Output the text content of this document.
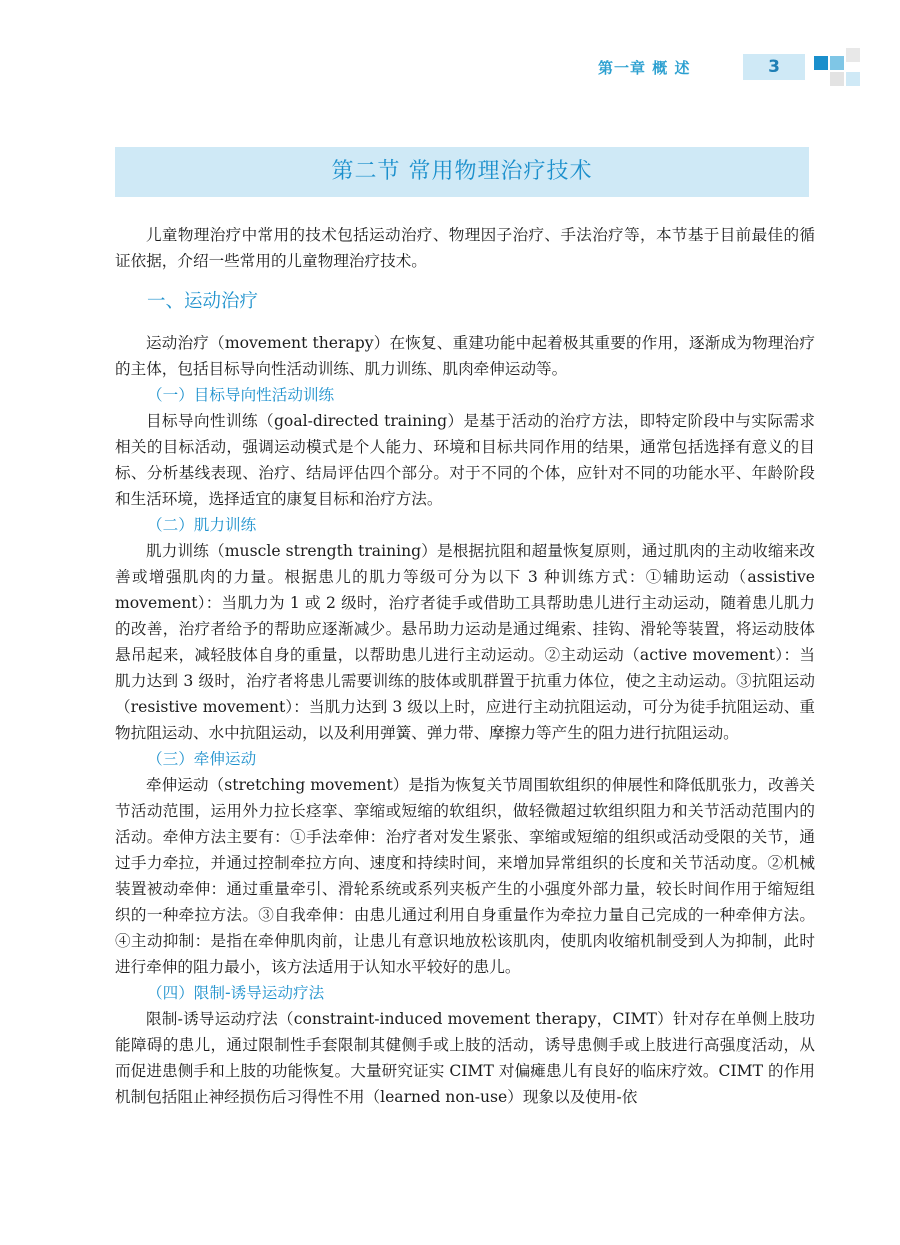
第一章 概 述	3
第二节 常用物理治疗技术

儿童物理治疗中常用的技术包括运动治疗、物理因子治疗、手法治疗等，本节基于目前最佳的循证依据，介绍一些常用的儿童物理治疗技术。

一、运动治疗

运动治疗（movement therapy）在恢复、重建功能中起着极其重要的作用，逐渐成为物理治疗的主体，包括目标导向性活动训练、肌力训练、肌肉牵伸运动等。

（一）目标导向性活动训练

目标导向性训练（goal-directed training）是基于活动的治疗方法，即特定阶段中与实际需求相关的目标活动，强调运动模式是个人能力、环境和目标共同作用的结果，通常包括选择有意义的目标、分析基线表现、治疗、结局评估四个部分。对于不同的个体，应针对不同的功能水平、年龄阶段和生活环境，选择适宜的康复目标和治疗方法。

（二）肌力训练

肌力训练（muscle strength training）是根据抗阻和超量恢复原则，通过肌肉的主动收缩来改善或增强肌肉的力量。根据患儿的肌力等级可分为以下 3 种训练方式：①辅助运动（assistive movement）：当肌力为 1 或 2 级时，治疗者徒手或借助工具帮助患儿进行主动运动，随着患儿肌力的改善，治疗者给予的帮助应逐渐减少。悬吊助力运动是通过绳索、挂钩、滑轮等装置，将运动肢体悬吊起来，减轻肢体自身的重量，以帮助患儿进行主动运动。②主动运动（active movement）：当肌力达到 3 级时，治疗者将患儿需要训练的肢体或肌群置于抗重力体位，使之主动运动。③抗阻运动（resistive movement）：当肌力达到 3 级以上时，应进行主动抗阻运动，可分为徒手抗阻运动、重物抗阻运动、水中抗阻运动，以及利用弹簧、弹力带、摩擦力等产生的阻力进行抗阻运动。

（三）牵伸运动

牵伸运动（stretching movement）是指为恢复关节周围软组织的伸展性和降低肌张力，改善关节活动范围，运用外力拉长痉挛、挛缩或短缩的软组织，做轻微超过软组织阻力和关节活动范围内的活动。牵伸方法主要有：①手法牵伸：治疗者对发生紧张、挛缩或短缩的组织或活动受限的关节，通过手力牵拉，并通过控制牵拉方向、速度和持续时间，来增加异常组织的长度和关节活动度。②机械装置被动牵伸：通过重量牵引、滑轮系统或系列夹板产生的小强度外部力量，较长时间作用于缩短组织的一种牵拉方法。③自我牵伸：由患儿通过利用自身重量作为牵拉力量自己完成的一种牵伸方法。④主动抑制：是指在牵伸肌肉前，让患儿有意识地放松该肌肉，使肌肉收缩机制受到人为抑制，此时进行牵伸的阻力最小，该方法适用于认知水平较好的患儿。

（四）限制-诱导运动疗法

限制-诱导运动疗法（constraint-induced movement therapy，CIMT）针对存在单侧上肢功能障碍的患儿，通过限制性手套限制其健侧手或上肢的活动，诱导患侧手或上肢进行高强度活动，从而促进患侧手和上肢的功能恢复。大量研究证实 CIMT 对偏瘫患儿有良好的临床疗效。CIMT 的作用机制包括阻止神经损伤后习得性不用（learned non-use）现象以及使用-依
